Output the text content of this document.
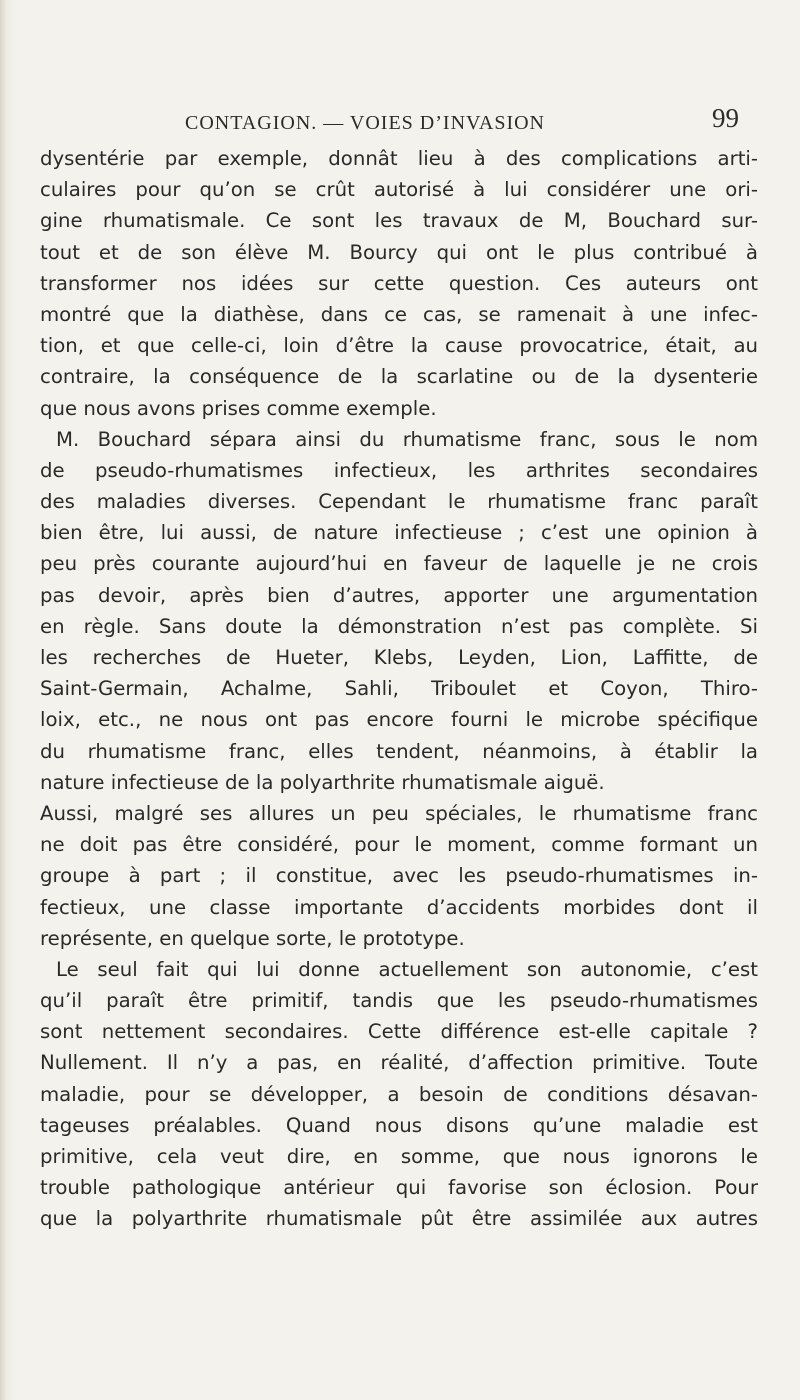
CONTAGION. — VOIES D’INVASION	99
dysentérie par exemple, donnât lieu à des complications arti-
culaires pour qu’on se crût autorisé à lui considérer une ori-
gine rhumatismale. Ce sont les travaux de M, Bouchard sur-
tout et de son élève M. Bourcy qui ont le plus contribué à
transformer nos idées sur cette question. Ces auteurs ont
montré que la diathèse, dans ce cas, se ramenait à une infec-
tion, et que celle-ci, loin d’être la cause provocatrice, était, au
contraire, la conséquence de la scarlatine ou de la dysenterie
que nous avons prises comme exemple.
M. Bouchard sépara ainsi du rhumatisme franc, sous le nom
de pseudo-rhumatismes infectieux, les arthrites secondaires
des maladies diverses. Cependant le rhumatisme franc paraît
bien être, lui aussi, de nature infectieuse ; c’est une opinion à
peu près courante aujourd’hui en faveur de laquelle je ne crois
pas devoir, après bien d’autres, apporter une argumentation
en règle. Sans doute la démonstration n’est pas complète. Si
les recherches de Hueter, Klebs, Leyden, Lion, Laffitte, de
Saint-Germain, Achalme, Sahli, Triboulet et Coyon, Thiro-
loix, etc., ne nous ont pas encore fourni le microbe spécifique
du rhumatisme franc, elles tendent, néanmoins, à établir la
nature infectieuse de la polyarthrite rhumatismale aiguë.
Aussi, malgré ses allures un peu spéciales, le rhumatisme franc
ne doit pas être considéré, pour le moment, comme formant un
groupe à part ; il constitue, avec les pseudo-rhumatismes in-
fectieux, une classe importante d’accidents morbides dont il
représente, en quelque sorte, le prototype.
Le seul fait qui lui donne actuellement son autonomie, c’est
qu’il paraît être primitif, tandis que les pseudo-rhumatismes
sont nettement secondaires. Cette différence est-elle capitale ?
Nullement. Il n’y a pas, en réalité, d’affection primitive. Toute
maladie, pour se développer, a besoin de conditions désavan-
tageuses préalables. Quand nous disons qu’une maladie est
primitive, cela veut dire, en somme, que nous ignorons le
trouble pathologique antérieur qui favorise son éclosion. Pour
que la polyarthrite rhumatismale pût être assimilée aux autres
